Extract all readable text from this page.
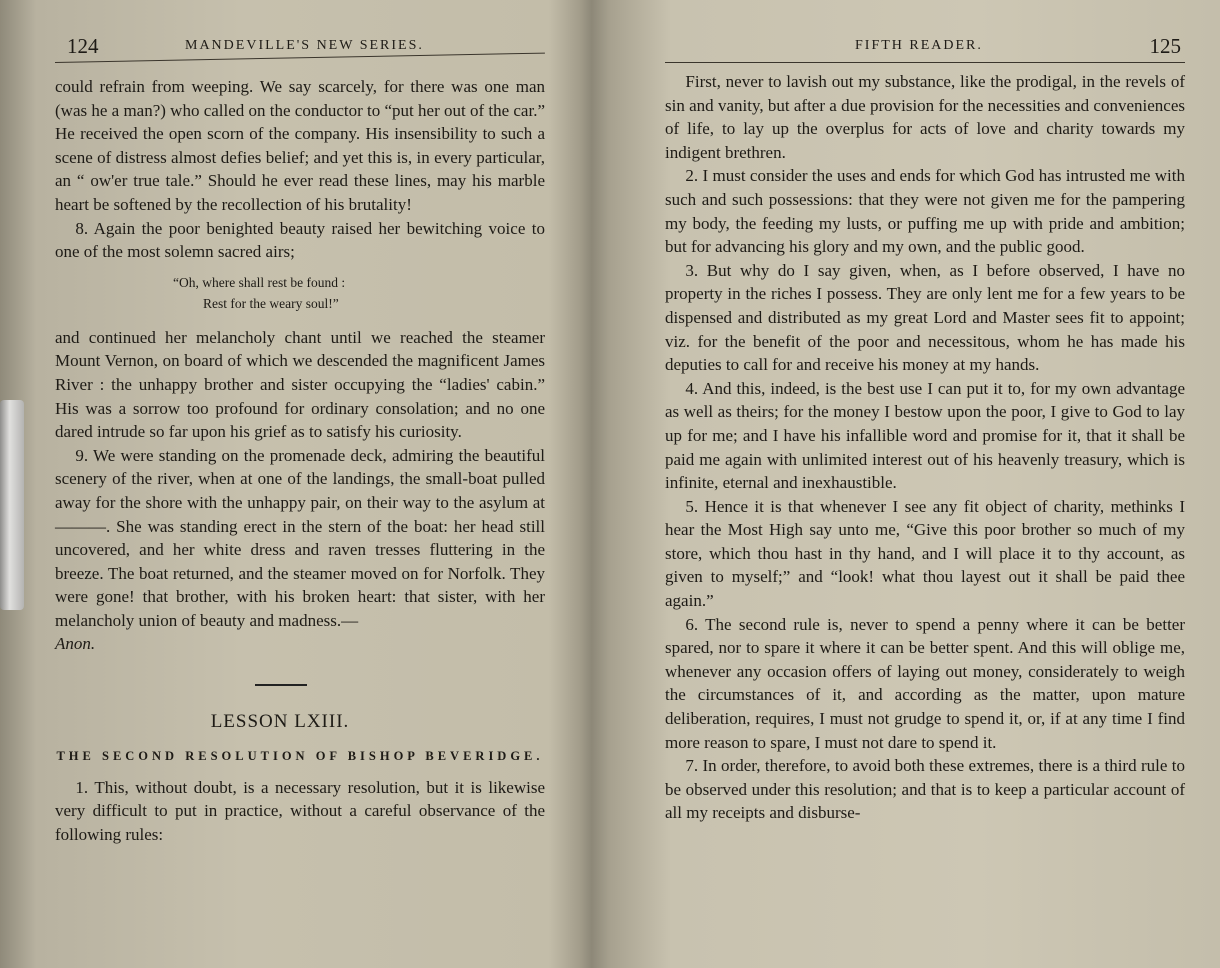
124	MANDEVILLE'S NEW SERIES.

could refrain from weeping. We say scarcely, for there was one man (was he a man?) who called on the conductor to “put her out of the car.” He received the open scorn of the company. His insensibility to such a scene of distress almost defies belief; and yet this is, in every particular, an “ ow'er true tale.” Should he ever read these lines, may his marble heart be softened by the recollection of his brutality!

8. Again the poor benighted beauty raised her bewitching voice to one of the most solemn sacred airs;

“Oh, where shall rest be found :
Rest for the weary soul!”

and continued her melancholy chant until we reached the steamer Mount Vernon, on board of which we descended the magnificent James River : the unhappy brother and sister occupying the “ladies' cabin.” His was a sorrow too profound for ordinary consolation; and no one dared intrude so far upon his grief as to satisfy his curiosity.

9. We were standing on the promenade deck, admiring the beautiful scenery of the river, when at one of the landings, the small-boat pulled away for the shore with the unhappy pair, on their way to the asylum at ———. She was standing erect in the stern of the boat: her head still uncovered, and her white dress and raven tresses fluttering in the breeze. The boat returned, and the steamer moved on for Norfolk. They were gone! that brother, with his broken heart: that sister, with her melancholy union of beauty and madness.—

Anon.

LESSON LXIII.
THE SECOND RESOLUTION OF BISHOP BEVERIDGE.

1. This, without doubt, is a necessary resolution, but it is likewise very difficult to put in practice, without a careful observance of the following rules:

FIFTH READER.	125

First, never to lavish out my substance, like the prodigal, in the revels of sin and vanity, but after a due provision for the necessities and conveniences of life, to lay up the overplus for acts of love and charity towards my indigent brethren.

2. I must consider the uses and ends for which God has intrusted me with such and such possessions: that they were not given me for the pampering my body, the feeding my lusts, or puffing me up with pride and ambition; but for advancing his glory and my own, and the public good.

3. But why do I say given, when, as I before observed, I have no property in the riches I possess. They are only lent me for a few years to be dispensed and distributed as my great Lord and Master sees fit to appoint; viz. for the benefit of the poor and necessitous, whom he has made his deputies to call for and receive his money at my hands.

4. And this, indeed, is the best use I can put it to, for my own advantage as well as theirs; for the money I bestow upon the poor, I give to God to lay up for me; and I have his infallible word and promise for it, that it shall be paid me again with unlimited interest out of his heavenly treasury, which is infinite, eternal and inexhaustible.

5. Hence it is that whenever I see any fit object of charity, methinks I hear the Most High say unto me, “Give this poor brother so much of my store, which thou hast in thy hand, and I will place it to thy account, as given to myself;” and “look! what thou layest out it shall be paid thee again.”

6. The second rule is, never to spend a penny where it can be better spared, nor to spare it where it can be better spent. And this will oblige me, whenever any occasion offers of laying out money, considerately to weigh the circumstances of it, and according as the matter, upon mature deliberation, requires, I must not grudge to spend it, or, if at any time I find more reason to spare, I must not dare to spend it.

7. In order, therefore, to avoid both these extremes, there is a third rule to be observed under this resolution; and that is to keep a particular account of all my receipts and disburse-
